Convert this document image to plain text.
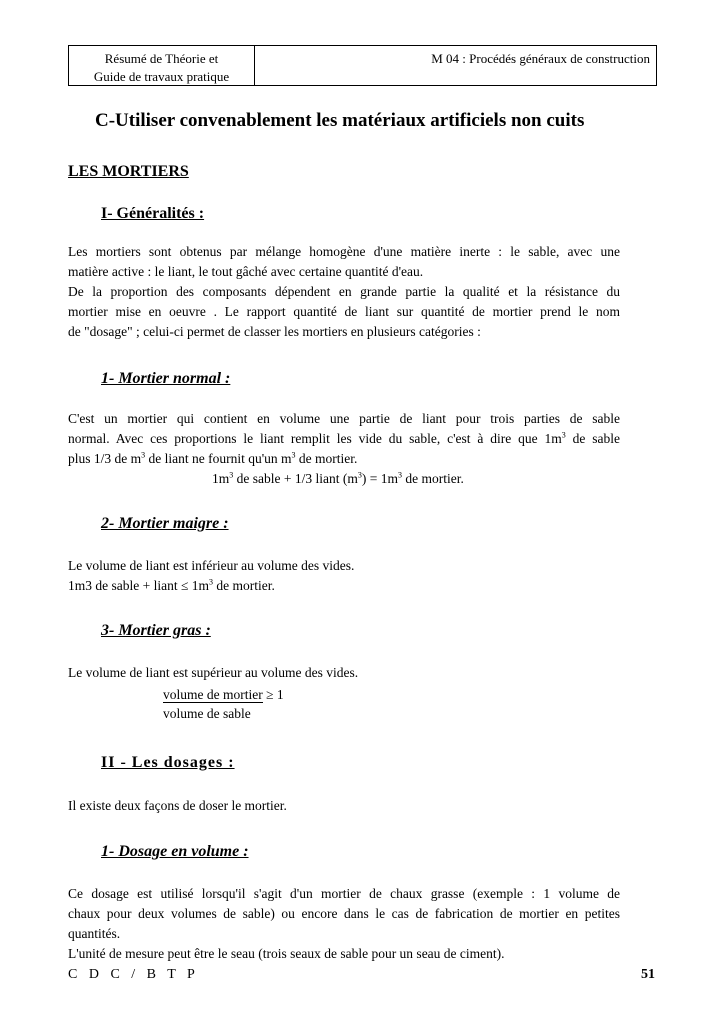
Résumé de Théorie et
Guide de travaux pratique
M 04 : Procédés généraux de construction
C-Utiliser convenablement les matériaux artificiels non cuits
LES MORTIERS
I- Généralités :
Les mortiers sont obtenus par mélange homogène d'une matière inerte : le sable, avec une
matière active : le liant, le tout gâché avec certaine quantité d'eau.
De la proportion des composants dépendent en grande partie la qualité et la résistance du
mortier mise en oeuvre . Le rapport quantité de liant sur quantité de mortier prend le nom
de "dosage" ; celui-ci permet de classer les mortiers en plusieurs catégories :
1- Mortier normal :
C'est un mortier qui contient en volume une partie de liant pour trois parties de sable
normal. Avec ces proportions le liant remplit les vide du sable, c'est à dire que $1m^3$ de sable
plus 1/3 de $m^3$ de liant ne fournit qu'un $m^3$ de mortier.
$1m^3$ de sable + 1/3 liant $(m^3) = 1m^3$ de mortier.
2- Mortier maigre :
Le volume de liant est inférieur au volume des vides.
1m3 de sable + liant ≤ $1m^3$ de mortier.
3- Mortier gras :
Le volume de liant est supérieur au volume des vides.
volume de mortier ≥ 1
volume de sable
II - Les dosages :
Il existe deux façons de doser le mortier.
1- Dosage en volume :
Ce dosage est utilisé lorsqu'il s'agit d'un mortier de chaux grasse (exemple : 1 volume de
chaux pour deux volumes de sable) ou encore dans le cas de fabrication de mortier en petites
quantités.
L'unité de mesure peut être le seau (trois seaux de sable pour un seau de ciment).
C D C / B T P	51
